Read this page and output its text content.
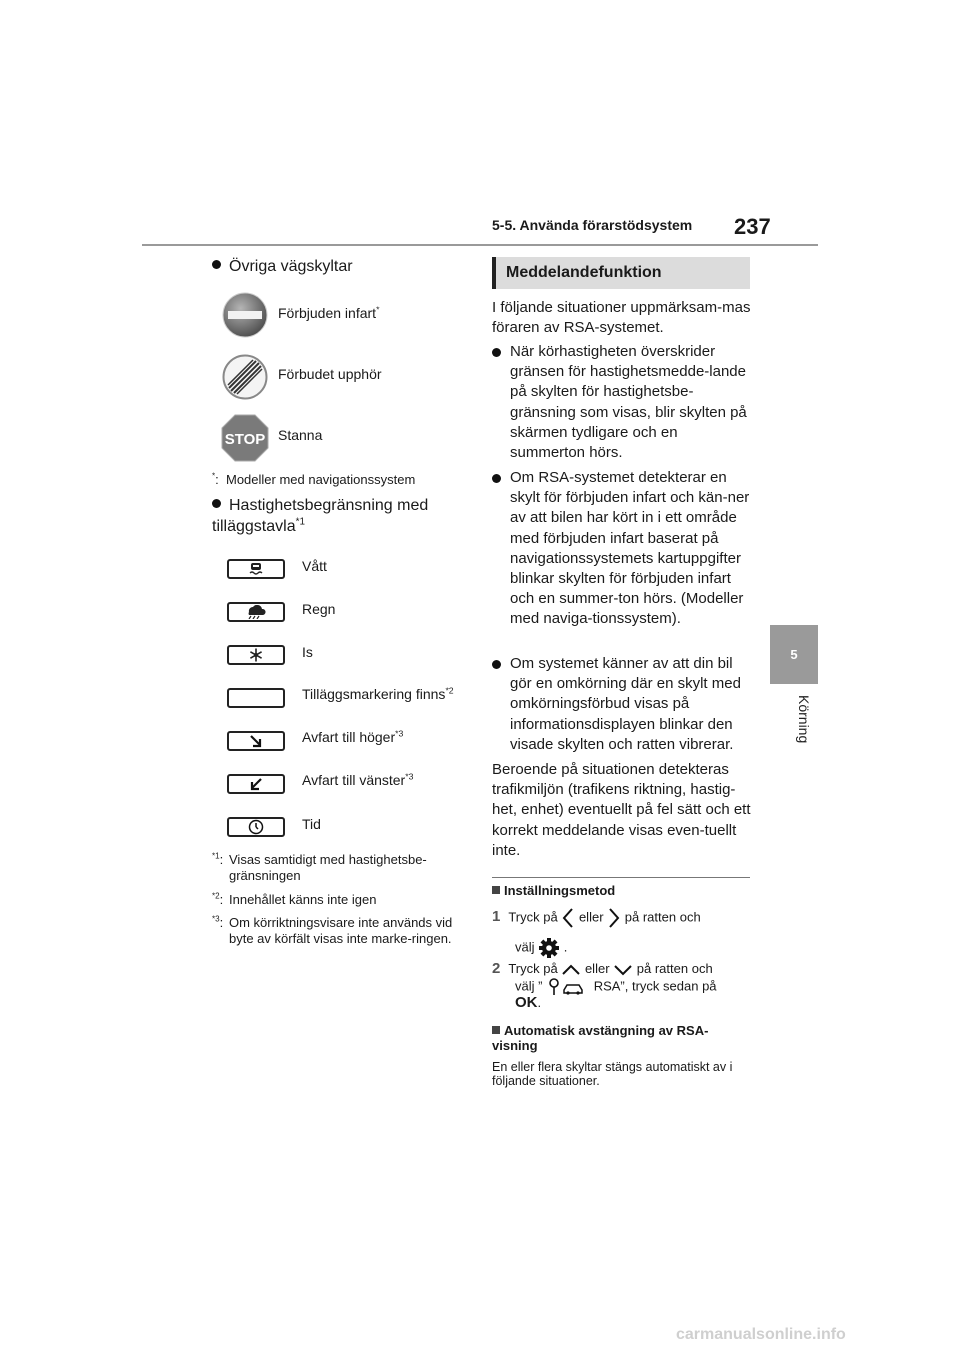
5-5. Använda förarstödsystem 237
5
Körning
Övriga vägskyltar
Förbjuden infart*
Förbudet upphör
STOP Stanna
*:  Modeller med navigationssystem
Hastighetsbegränsning med tilläggstavla$^{*1}$
Vått
Regn
Is
Tilläggsmarkering finns$^{*2}$
Avfart till höger$^{*3}$
Avfart till vänster$^{*3}$
Tid
$^{*1}$: Visas samtidigt med hastighetsbe-gränsningen
$^{*2}$: Innehållet känns inte igen
$^{*3}$: Om körriktningsvisare inte används vid byte av körfält visas inte marke-ringen.
Meddelandefunktion
I följande situationer uppmärksam-mas föraren av RSA-systemet.
När körhastigheten överskrider gränsen för hastighetsmedde-lande på skylten för hastighetsbe-gränsning som visas, blir skylten på skärmen tydligare och en summerton hörs.
Om RSA-systemet detekterar en skylt för förbjuden infart och kän-ner av att bilen har kört in i ett område med förbjuden infart baserat på navigationssystemets kartuppgifter blinkar skylten för förbjuden infart och en summer-ton hörs. (Modeller med naviga-tionssystem).
Om systemet känner av att din bil gör en omkörning där en skylt med omkörningsförbud visas på informationsdisplayen blinkar den visade skylten och ratten vibrerar.
Beroende på situationen detekteras trafikmiljön (trafikens riktning, hastig-het, enhet) eventuellt på fel sätt och ett korrekt meddelande visas even-tuellt inte.
Inställningsmetod
1 Tryck på eller på ratten och
välj .
2 Tryck på eller på ratten och
välj ”	RSA”, tryck sedan på
OK.
Automatisk avstängning av RSA-visning
En eller flera skyltar stängs automatiskt av i följande situationer.
carmanualsonline.info
